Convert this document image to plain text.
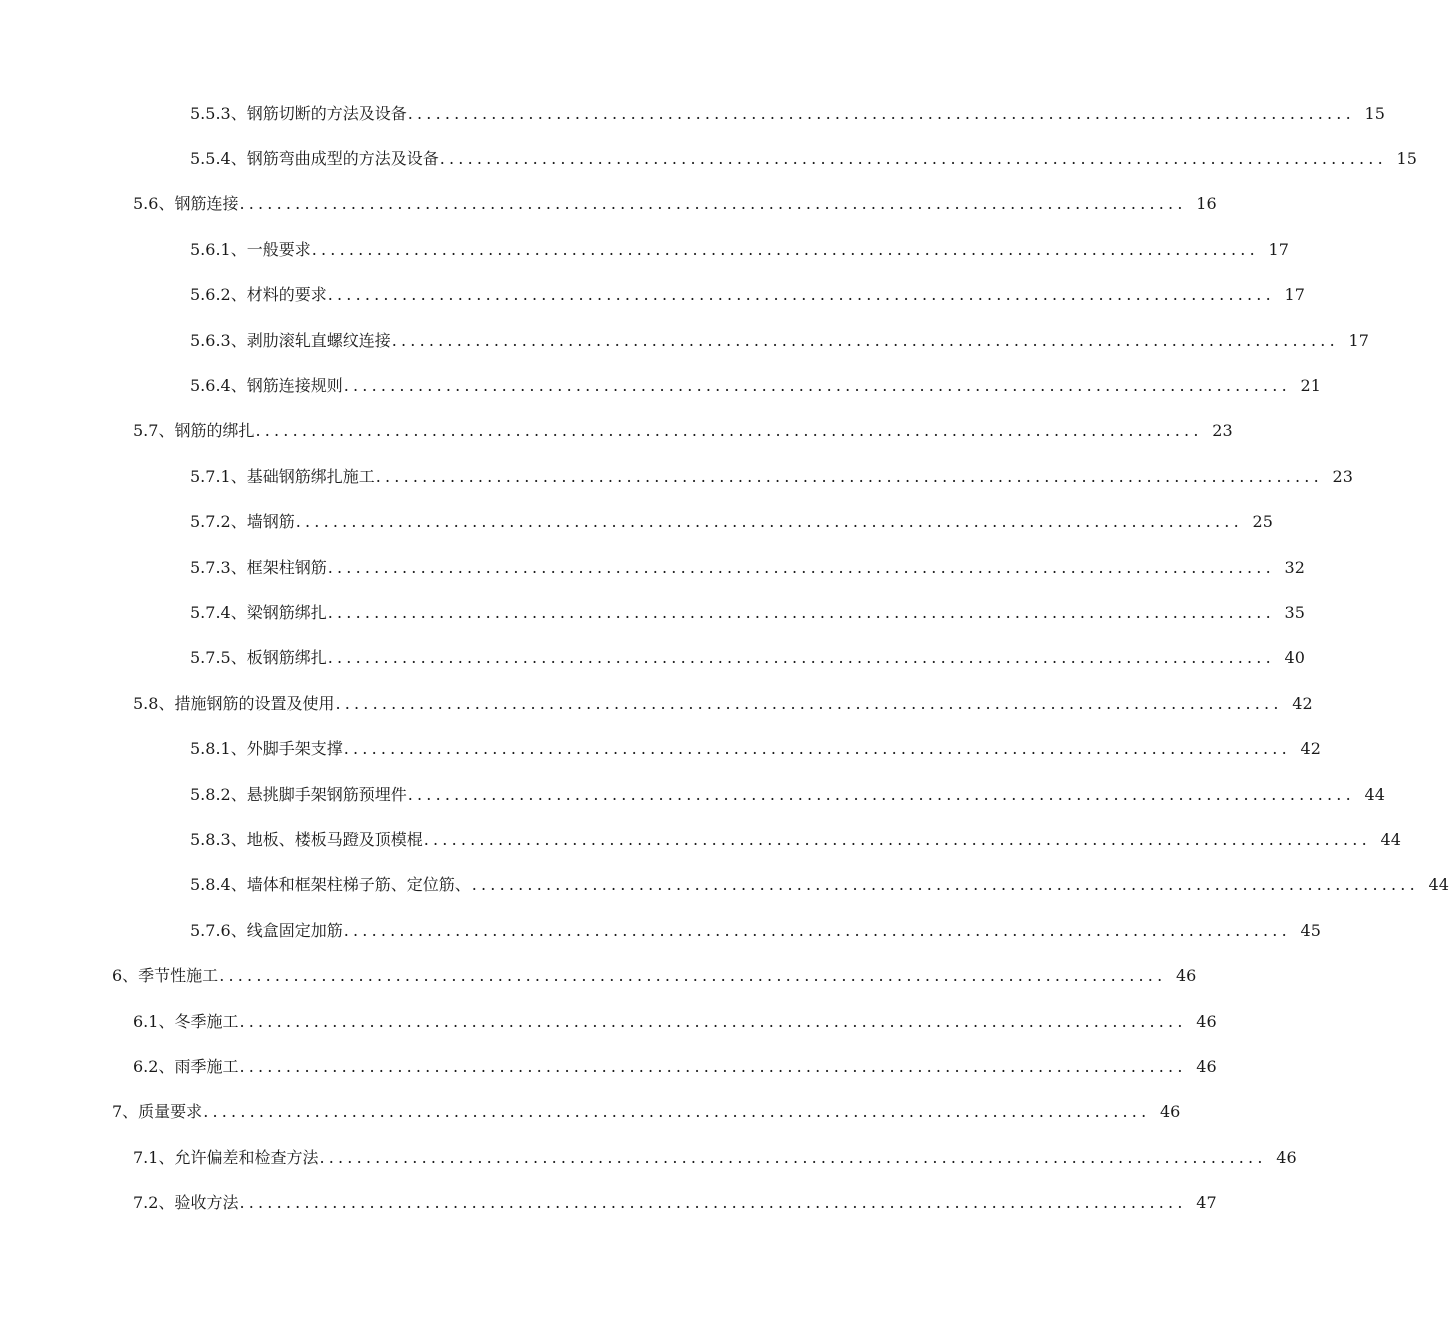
5.5.3、钢筋切断的方法及设备 ...................................................................................................... 15
5.5.4、钢筋弯曲成型的方法及设备 ...................................................................................................... 15
5.6、钢筋连接 ...................................................................................................... 16
5.6.1、一般要求 ...................................................................................................... 17
5.6.2、材料的要求 ...................................................................................................... 17
5.6.3、剥肋滚轧直螺纹连接 ...................................................................................................... 17
5.6.4、钢筋连接规则 ...................................................................................................... 21
5.7、钢筋的绑扎 ...................................................................................................... 23
5.7.1、基础钢筋绑扎施工 ...................................................................................................... 23
5.7.2、墙钢筋 ...................................................................................................... 25
5.7.3、框架柱钢筋 ...................................................................................................... 32
5.7.4、梁钢筋绑扎 ...................................................................................................... 35
5.7.5、板钢筋绑扎 ...................................................................................................... 40
5.8、措施钢筋的设置及使用 ...................................................................................................... 42
5.8.1、外脚手架支撑 ...................................................................................................... 42
5.8.2、悬挑脚手架钢筋预埋件 ...................................................................................................... 44
5.8.3、地板、楼板马蹬及顶模棍 ...................................................................................................... 44
5.8.4、墙体和框架柱梯子筋、定位筋、 ...................................................................................................... 44
5.7.6、线盒固定加筋 ...................................................................................................... 45
6、季节性施工 ...................................................................................................... 46
6.1、冬季施工 ...................................................................................................... 46
6.2、雨季施工 ...................................................................................................... 46
7、质量要求 ...................................................................................................... 46
7.1、允许偏差和检查方法 ...................................................................................................... 46
7.2、验收方法 ...................................................................................................... 47
